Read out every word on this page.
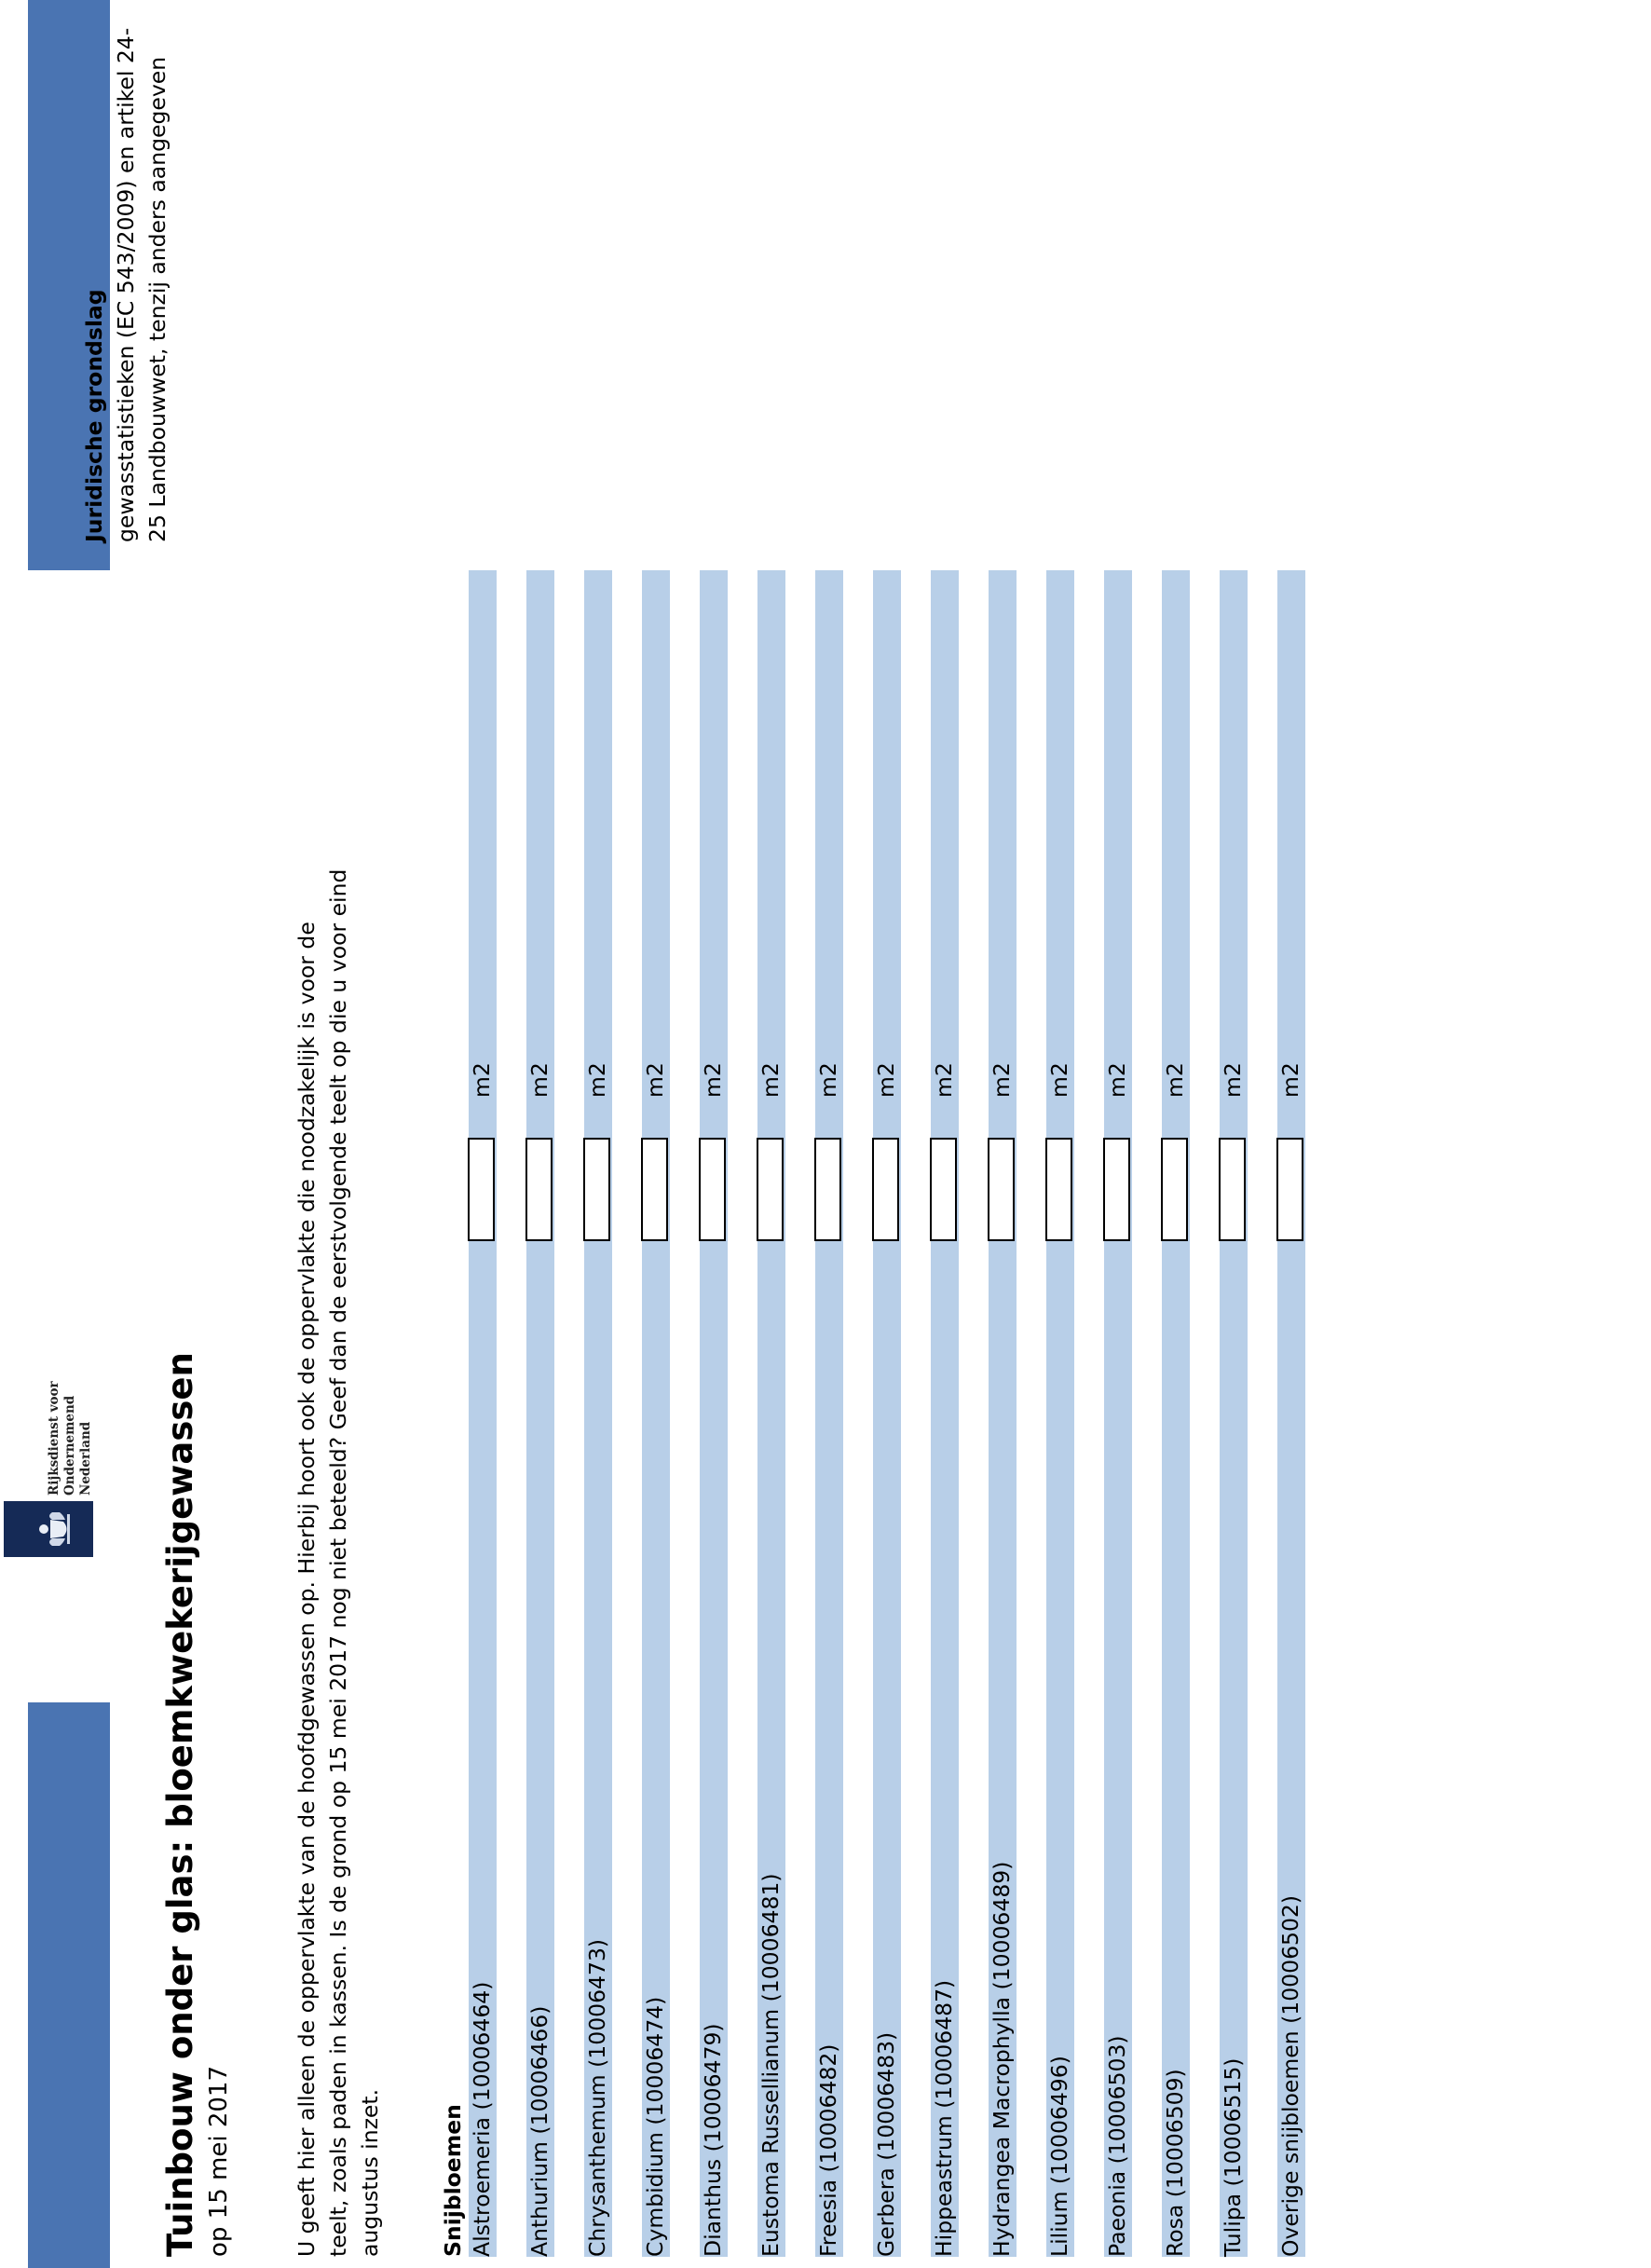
Rijksdienst voor Ondernemend Nederland Tuinbouw onder glas: bloemkwekerijgewassen op 15 mei 2017	U geeft hier alleen de oppervlakte van de hoofdgewassen op. Hierbij hoort ook de oppervlakte die noodzakelijk is voor de teelt, zoals paden in kassen. Is de grond op 15 mei 2017 nog niet beteeld? Geef dan de eerstvolgende teelt op die u voor eind augustus inzet.
Juridische grondslag gewasstatistieken (EC 543/2009) en artikel 24-25 Landbouwwet, tenzij anders aangegeven
Snijbloemen Alstroemeria (10006464)
m2
Anthurium (10006466)
m2
Chrysanthemum (10006473)
m2
Cymbidium (10006474)
m2
Dianthus (10006479)
m2
Eustoma Russellianum (10006481)
m2
Freesia (10006482)
m2
Gerbera (10006483)
m2
Hippeastrum (10006487)
m2
Hydrangea Macrophylla (10006489)
m2
Lilium (10006496)
m2
Paeonia (10006503)
m2
Rosa (10006509)
m2
Tulipa (10006515)
m2
Overige snijbloemen (10006502)
m2
